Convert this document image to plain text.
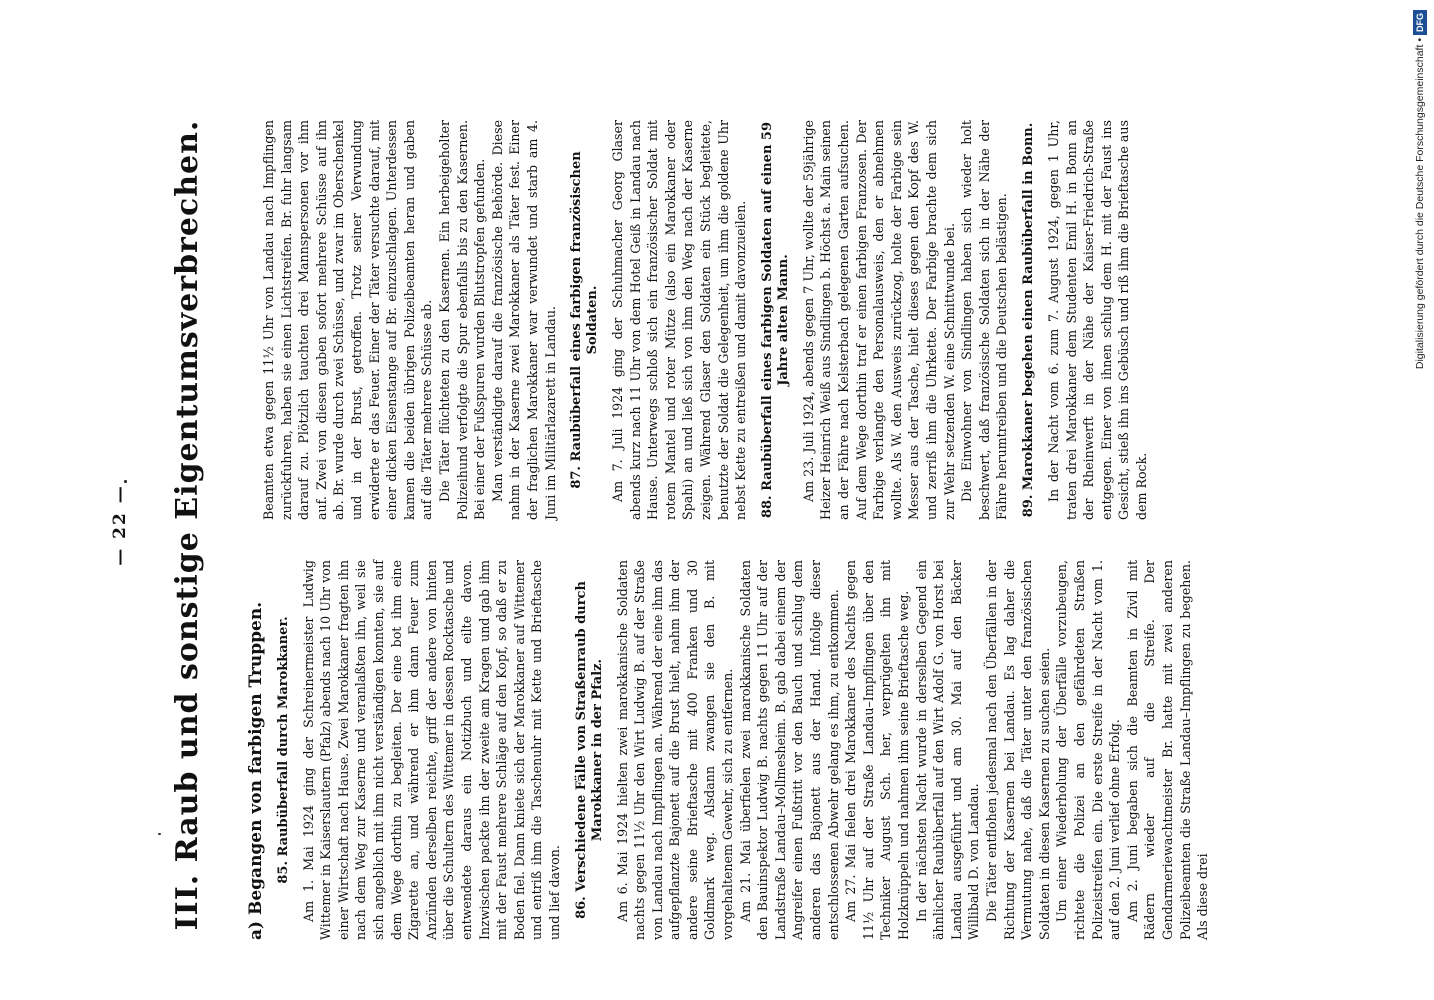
III. Raub und sonstige Eigentumsverbrechen.
— 22 —
a) Begangen von farbigen Truppen. 85. Raubüberfall durch Marokkaner. Am 1. Mai 1924 ging der Schreinermeister Ludwig Wittemer in Kaiserslautern (Pfalz) abends nach 10 Uhr von einer Wirtschaft nach Hause. Zwei Marokkaner fragten ihn nach dem Weg zur Kaserne und veranlaßten ihn, weil sie sich angeblich mit ihm nicht verständigen konnten, sie auf dem Wege dorthin zu begleiten. Der eine bot ihm eine Zigarette an, und während er ihm dann Feuer zum Anzünden derselben reichte, griff der andere von hinten über die Schultern des Wittemer in dessen Rocktasche und entwendete daraus ein Notizbuch und eilte davon. Inzwischen packte ihn der zweite am Kragen und gab ihm mit der Faust mehrere Schläge auf den Kopf, so daß er zu Boden fiel. Dann kniete sich der Marokkaner auf Wittemer und entriß ihm die Taschenuhr mit Kette und Brieftasche und lief davon. 86. Verschiedene Fälle von Straßenraub durch Marokkaner in der Pfalz. Am 6. Mai 1924 hielten zwei marokkanische Soldaten nachts gegen 11½ Uhr den Wirt Ludwig B. auf der Straße von Landau nach Impflingen an. Während der eine ihm das aufgepflanzte Bajonett auf die Brust hielt, nahm ihm der andere seine Brieftasche mit 400 Franken und 30 Goldmark weg. Alsdann zwangen sie den B. mit vorgehaltenem Gewehr, sich zu entfernen. Am 21. Mai überfielen zwei marokkanische Soldaten den Bauinspektor Ludwig B. nachts gegen 11 Uhr auf der Landstraße Landau–Mollmesheim. B. gab dabei einem der Angreifer einen Fußtritt vor den Bauch und schlug dem anderen das Bajonett aus der Hand. Infolge dieser entschlossenen Abwehr gelang es ihm, zu entkommen. Am 27. Mai fielen drei Marokkaner des Nachts gegen 11½ Uhr auf der Straße Landau–Impflingen über den Techniker August Sch. her, verprügelten ihn mit Holzknüppeln und nahmen ihm seine Brieftasche weg. In der nächsten Nacht wurde in derselben Gegend ein ähnlicher Raubüberfall auf den Wirt Adolf G. von Horst bei Landau ausgeführt und am 30. Mai auf den Bäcker Willibald D. von Landau. Die Täter entflohen jedesmal nach den Überfällen in der Richtung der Kasernen bei Landau. Es lag daher die Vermutung nahe, daß die Täter unter den französischen Soldaten in diesen Kasernen zu suchen seien. Um einer Wiederholung der Überfälle vorzubeugen, richtete die Polizei an den gefährdeten Straßen Polizeistreifen ein. Die erste Streife in der Nacht vom 1. auf den 2. Juni verlief ohne Erfolg. Am 2. Juni begaben sich die Beamten in Zivil mit Rädern wieder auf die Streife. Der Gendarmeriewachtmeister Br. hatte mit zwei anderen Polizeibeamten die Straße Landau–Impflingen zu begehen. Als diese drei

Beamten etwa gegen 11½ Uhr von Landau nach Impflingen zurückfuhren, haben sie einen Lichtstreifen. Br. fuhr langsam darauf zu. Plötzlich tauchten drei Mannspersonen vor ihm auf. Zwei von diesen gaben sofort mehrere Schüsse auf ihn ab. Br. wurde durch zwei Schüsse, und zwar im Oberschenkel und in der Brust, getroffen. Trotz seiner Verwundung erwiderte er das Feuer. Einer der Täter versuchte darauf, mit einer dicken Eisenstange auf Br. einzuschlagen. Unterdessen kamen die beiden übrigen Polizeibeamten heran und gaben auf die Täter mehrere Schüsse ab. Die Täter flüchteten zu den Kasernen. Ein herbeigeholter Polizeihund verfolgte die Spur ebenfalls bis zu den Kasernen. Bei einer der Fußspuren wurden Blutstropfen gefunden. Man verständigte darauf die französische Behörde. Diese nahm in der Kaserne zwei Marokkaner als Täter fest. Einer der fraglichen Marokkaner war verwundet und starb am 4. Juni im Militärlazarett in Landau. 87. Raubüberfall eines farbigen französischen Soldaten. Am 7. Juli 1924 ging der Schuhmacher Georg Glaser abends kurz nach 11 Uhr von dem Hotel Geiß in Landau nach Hause. Unterwegs schloß sich ein französischer Soldat mit rotem Mantel und roter Mütze (also ein Marokkaner oder Spahi) an und ließ sich von ihm den Weg nach der Kaserne zeigen. Während Glaser den Soldaten ein Stück begleitete, benutzte der Soldat die Gelegenheit, um ihm die goldene Uhr nebst Kette zu entreißen und damit davonzueilen. 88. Raubüberfall eines farbigen Soldaten auf einen 59 Jahre alten Mann. Am 23. Juli 1924, abends gegen 7 Uhr, wollte der 59jährige Heizer Heinrich Weiß aus Sindlingen b. Höchst a. Main seinen an der Fähre nach Kelsterbach gelegenen Garten aufsuchen. Auf dem Wege dorthin traf er einen farbigen Franzosen. Der Farbige verlangte den Personalausweis, den er abnehmen wollte. Als W. den Ausweis zurückzog, holte der Farbige sein Messer aus der Tasche, hielt dieses gegen den Kopf des W. und zerriß ihm die Uhrkette. Der Farbige brachte dem sich zur Wehr setzenden W. eine Schnittwunde bei. Die Einwohner von Sindlingen haben sich wieder holt beschwert, daß französische Soldaten sich in der Nähe der Fähre herumtreiben und die Deutschen belästigen. 89. Marokkaner begehen einen Raubüberfall in Bonn. In der Nacht vom 6. zum 7. August 1924, gegen 1 Uhr, traten drei Marokkaner dem Studenten Emil H. in Bonn an der Rheinwerft in der Nähe der Kaiser-Friedrich-Straße entgegen. Einer von ihnen schlug dem H. mit der Faust ins Gesicht, stieß ihn ins Gebüsch und riß ihm die Brieftasche aus dem Rock.

Digitalisierung gefördert durch die Deutsche Forschungsgemeinschaft •DFG
